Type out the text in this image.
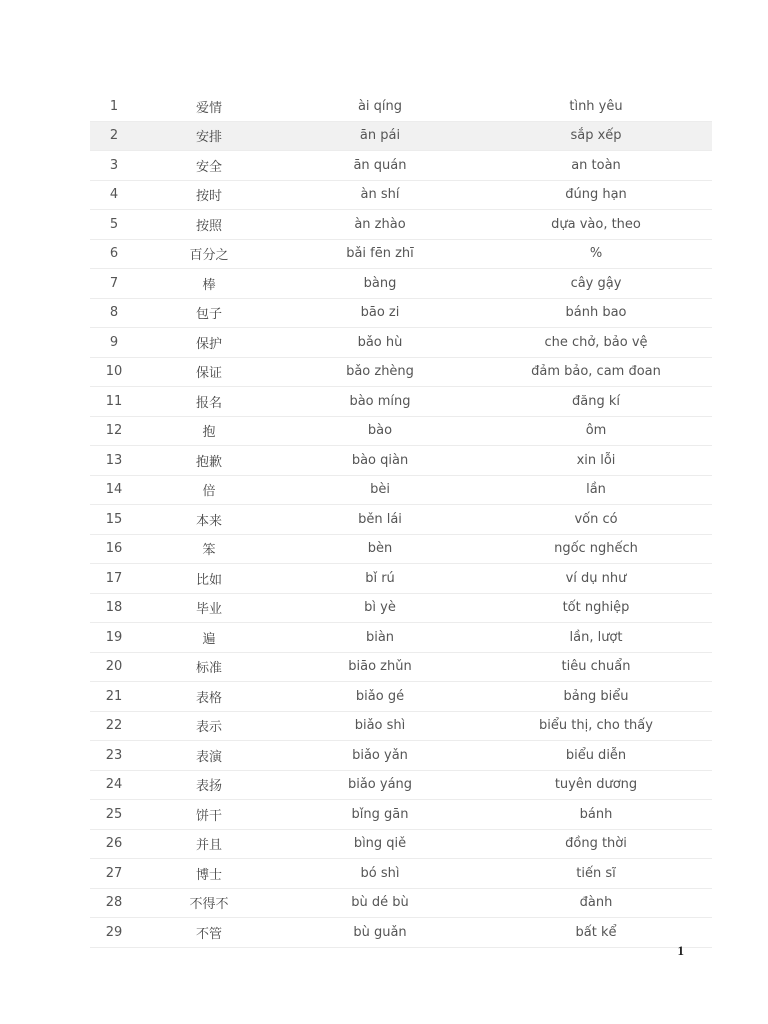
1	爱情	ài qíng	tình yêu
2	安排	ān pái	sắp xếp
3	安全	ān quán	an toàn
4	按时	àn shí	đúng hạn
5	按照	àn zhào	dựa vào, theo
6	百分之	bǎi fēn zhī	%
7	棒	bàng	cây gậy
8	包子	bāo zi	bánh bao
9	保护	bǎo hù	che chở, bảo vệ
10	保证	bǎo zhèng	đảm bảo, cam đoan
11	报名	bào míng	đăng kí
12	抱	bào	ôm
13	抱歉	bào qiàn	xin lỗi
14	倍	bèi	lần
15	本来	běn lái	vốn có
16	笨	bèn	ngốc nghếch
17	比如	bǐ rú	ví dụ như
18	毕业	bì yè	tốt nghiệp
19	遍	biàn	lần, lượt
20	标准	biāo zhǔn	tiêu chuẩn
21	表格	biǎo gé	bảng biểu
22	表示	biǎo shì	biểu thị, cho thấy
23	表演	biǎo yǎn	biểu diễn
24	表扬	biǎo yáng	tuyên dương
25	饼干	bǐng gān	bánh
26	并且	bìng qiě	đồng thời
27	博士	bó shì	tiến sĩ
28	不得不	bù dé bù	đành
29	不管	bù guǎn	bất kể
1
